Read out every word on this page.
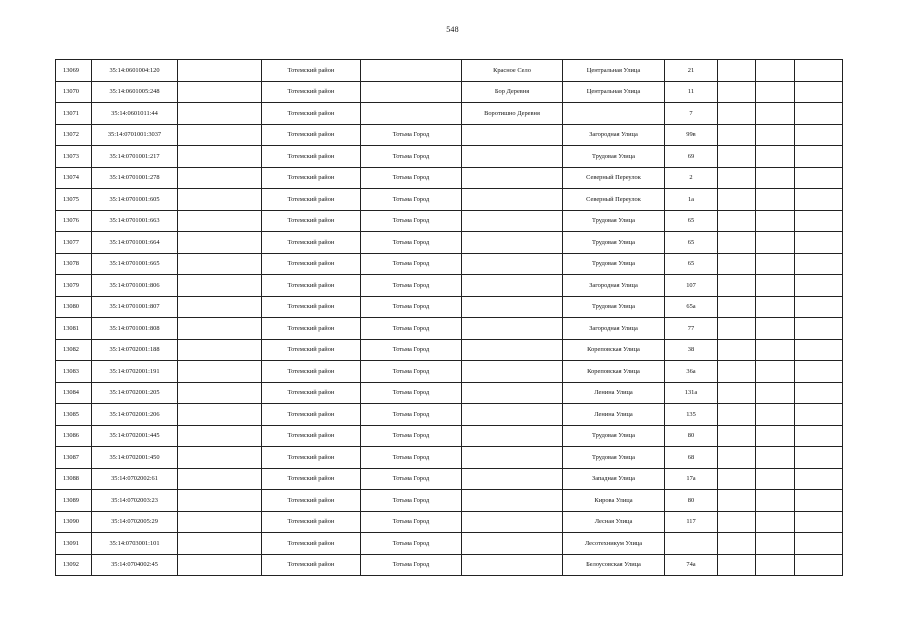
548
13069	35:14:0601004:120		Тотемский район		Красное Село	Центральная Улица	21			
13070	35:14:0601005:248		Тотемский район		Бор Деревня	Центральная Улица	11			
13071	35:14:0601011:44		Тотемский район		Воротишно Деревня		7			
13072	35:14:0701001:3037		Тотемский район	Тотьма Город		Загородная Улица	99в			
13073	35:14:0701001:217		Тотемский район	Тотьма Город		Трудовая Улица	69			
13074	35:14:0701001:278		Тотемский район	Тотьма Город		Северный Переулок	2			
13075	35:14:0701001:605		Тотемский район	Тотьма Город		Северный Переулок	1а			
13076	35:14:0701001:663		Тотемский район	Тотьма Город		Трудовая Улица	65			
13077	35:14:0701001:664		Тотемский район	Тотьма Город		Трудовая Улица	65			
13078	35:14:0701001:665		Тотемский район	Тотьма Город		Трудовая Улица	65			
13079	35:14:0701001:806		Тотемский район	Тотьма Город		Загородная Улица	107			
13080	35:14:0701001:807		Тотемский район	Тотьма Город		Трудовая Улица	65а			
13081	35:14:0701001:808		Тотемский район	Тотьма Город		Загородная Улица	77			
13082	35:14:0702001:188		Тотемский район	Тотьма Город		Кореповская Улица	38			
13083	35:14:0702001:191		Тотемский район	Тотьма Город		Кореповская Улица	36а			
13084	35:14:0702001:205		Тотемский район	Тотьма Город		Ленина Улица	131а			
13085	35:14:0702001:206		Тотемский район	Тотьма Город		Ленина Улица	135			
13086	35:14:0702001:445		Тотемский район	Тотьма Город		Трудовая Улица	80			
13087	35:14:0702001:450		Тотемский район	Тотьма Город		Трудовая Улица	68			
13088	35:14:0702002:61		Тотемский район	Тотьма Город		Западная Улица	17а			
13089	35:14:0702003:23		Тотемский район	Тотьма Город		Кирова Улица	80			
13090	35:14:0702005:29		Тотемский район	Тотьма Город		Лесная Улица	117			
13091	35:14:0703001:101		Тотемский район	Тотьма Город		Лесотехникум Улица				
13092	35:14:0704002:45		Тотемский район	Тотьма Город		Белоусовская Улица	74а			
